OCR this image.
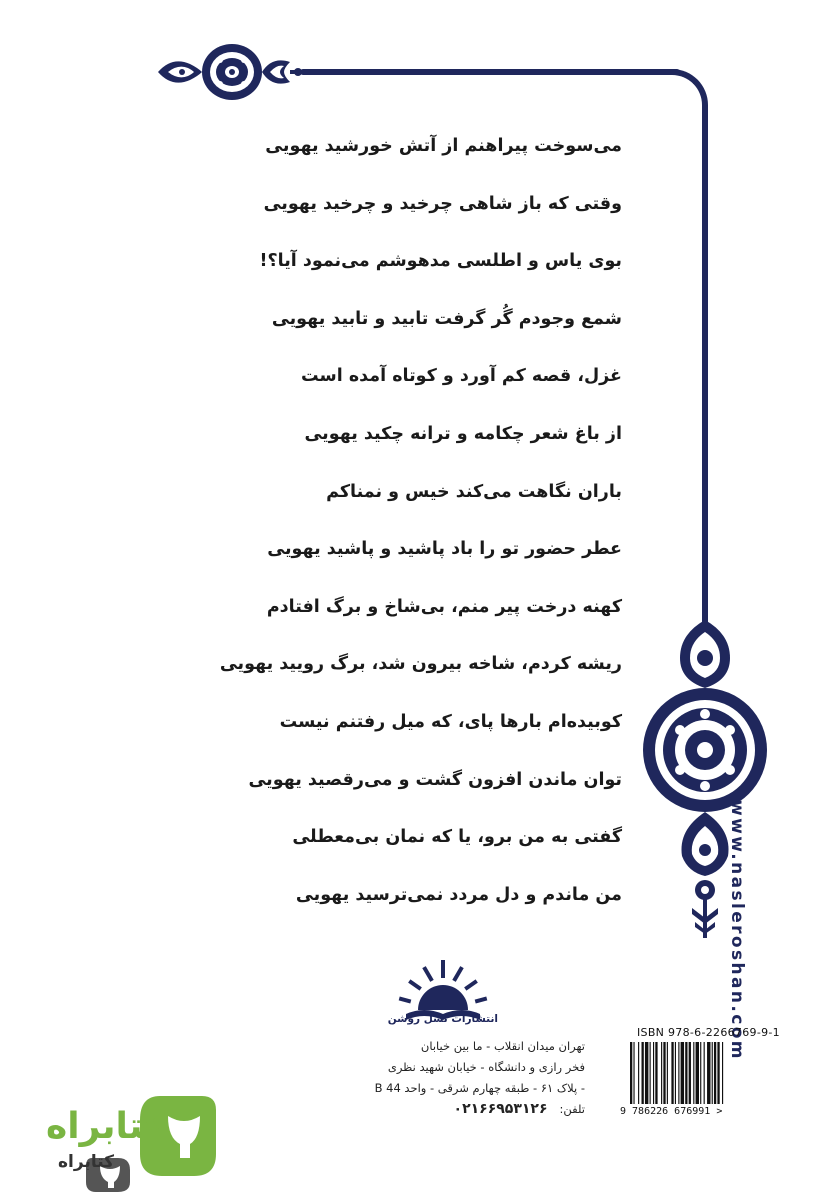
می‌سوخت پیراهنم از آتش خورشید یهویی
وقتی که باز شاهی چرخید و چرخید یهویی
بوی یاس و اطلسی مدهوشم می‌نمود آیا؟!
شمع وجودم گُر گرفت تابید و تابید یهویی
غزل، قصه کم آورد و کوتاه آمده است
از باغ شعر چکامه و ترانه چکید یهویی
باران نگاهت می‌کند خیس و نمناکم
عطر حضور تو را باد پاشید و پاشید یهویی
کهنه درخت پیر منم، بی‌شاخ و برگ افتادم
ریشه کردم، شاخه بیرون شد، برگ رویید یهویی
کوبیده‌ام بارها پای، که میل رفتنم نیست
توان ماندن افزون گشت و می‌رقصید یهویی
گفتی به من برو، یا که نمان بی‌معطلی
من ماندم و دل مردد نمی‌ترسید یهویی	www.nasleroshan.com
انتشارات نسل روشن
تهران میدان انقلاب - ما بین خیابان
فخر رازی و دانشگاه - خیابان شهید نظری
- پلاک ۶۱ - طبقه چهارم شرقی - واحد 44 B
تلفن:
۰۲۱۶۶۹۵۳۱۲۶
ISBN 978-6-2266769-9-1
9 786226 676991 >
کتابراه
کتابراه
